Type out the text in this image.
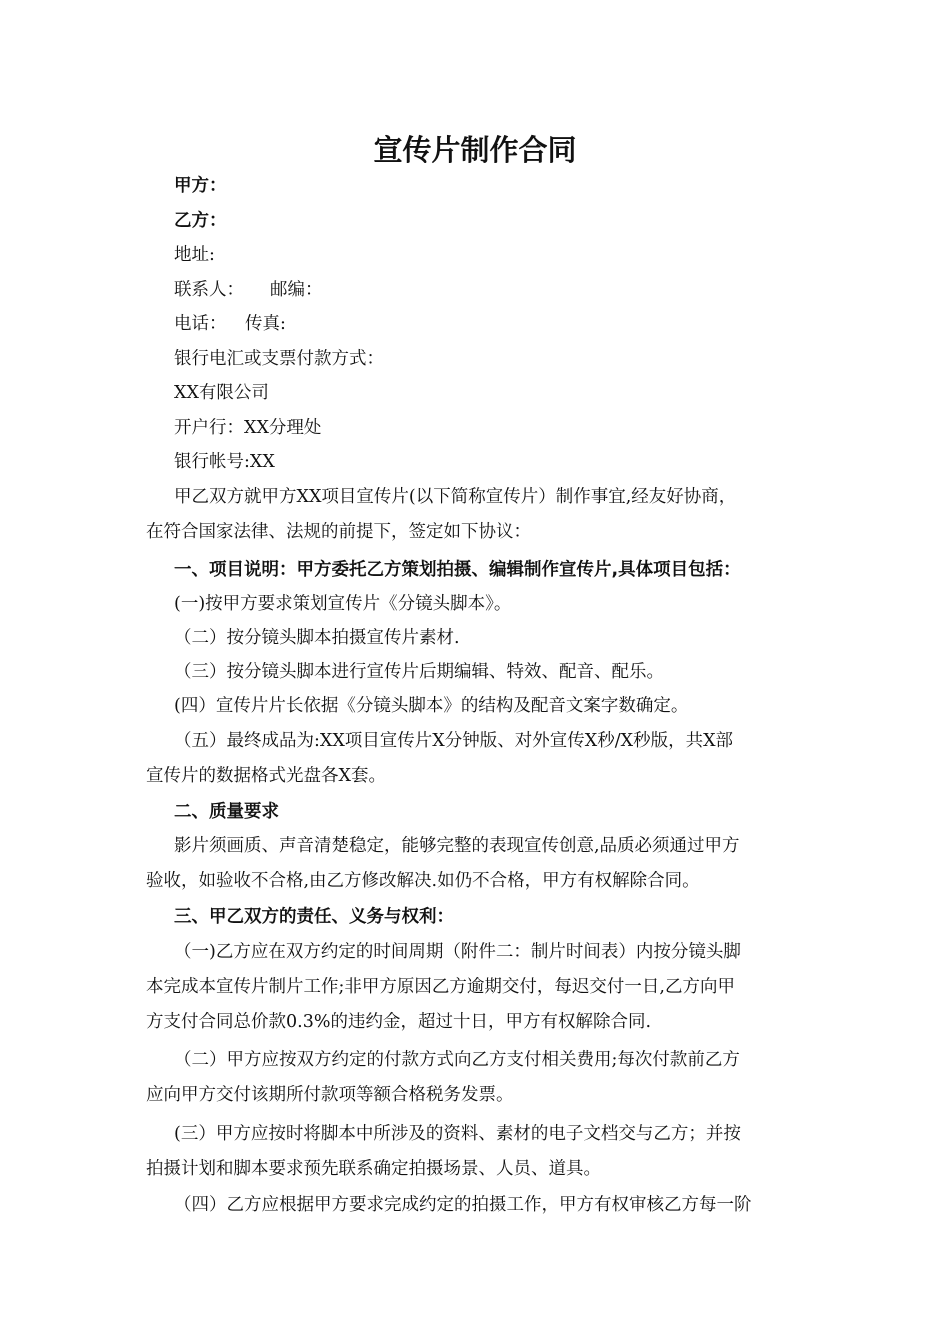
宣传片制作合同
甲方：
乙方：
地址:
联系人：	邮编：
电话：	传真:
银行电汇或支票付款方式：
XX有限公司
开户行：XX分理处
银行帐号:XX
甲乙双方就甲方XX项目宣传片(以下简称宣传片）制作事宜,经友好协商，
在符合国家法律、法规的前提下，签定如下协议：
一、项目说明：甲方委托乙方策划拍摄、编辑制作宣传片,具体项目包括：
(一)按甲方要求策划宣传片《分镜头脚本》。
（二）按分镜头脚本拍摄宣传片素材.
（三）按分镜头脚本进行宣传片后期编辑、特效、配音、配乐。
(四）宣传片片长依据《分镜头脚本》的结构及配音文案字数确定。
（五）最终成品为:XX项目宣传片X分钟版、对外宣传X秒/X秒版，共X部
宣传片的数据格式光盘各X套。
二、质量要求
影片须画质、声音清楚稳定，能够完整的表现宣传创意,品质必须通过甲方
验收，如验收不合格,由乙方修改解决.如仍不合格，甲方有权解除合同。
三、甲乙双方的责任、义务与权利：
（一)乙方应在双方约定的时间周期（附件二：制片时间表）内按分镜头脚
本完成本宣传片制片工作;非甲方原因乙方逾期交付，每迟交付一日,乙方向甲
方支付合同总价款0.3%的违约金，超过十日，甲方有权解除合同.
（二）甲方应按双方约定的付款方式向乙方支付相关费用;每次付款前乙方
应向甲方交付该期所付款项等额合格税务发票。
(三）甲方应按时将脚本中所涉及的资料、素材的电子文档交与乙方；并按
拍摄计划和脚本要求预先联系确定拍摄场景、人员、道具。
（四）乙方应根据甲方要求完成约定的拍摄工作，甲方有权审核乙方每一阶
